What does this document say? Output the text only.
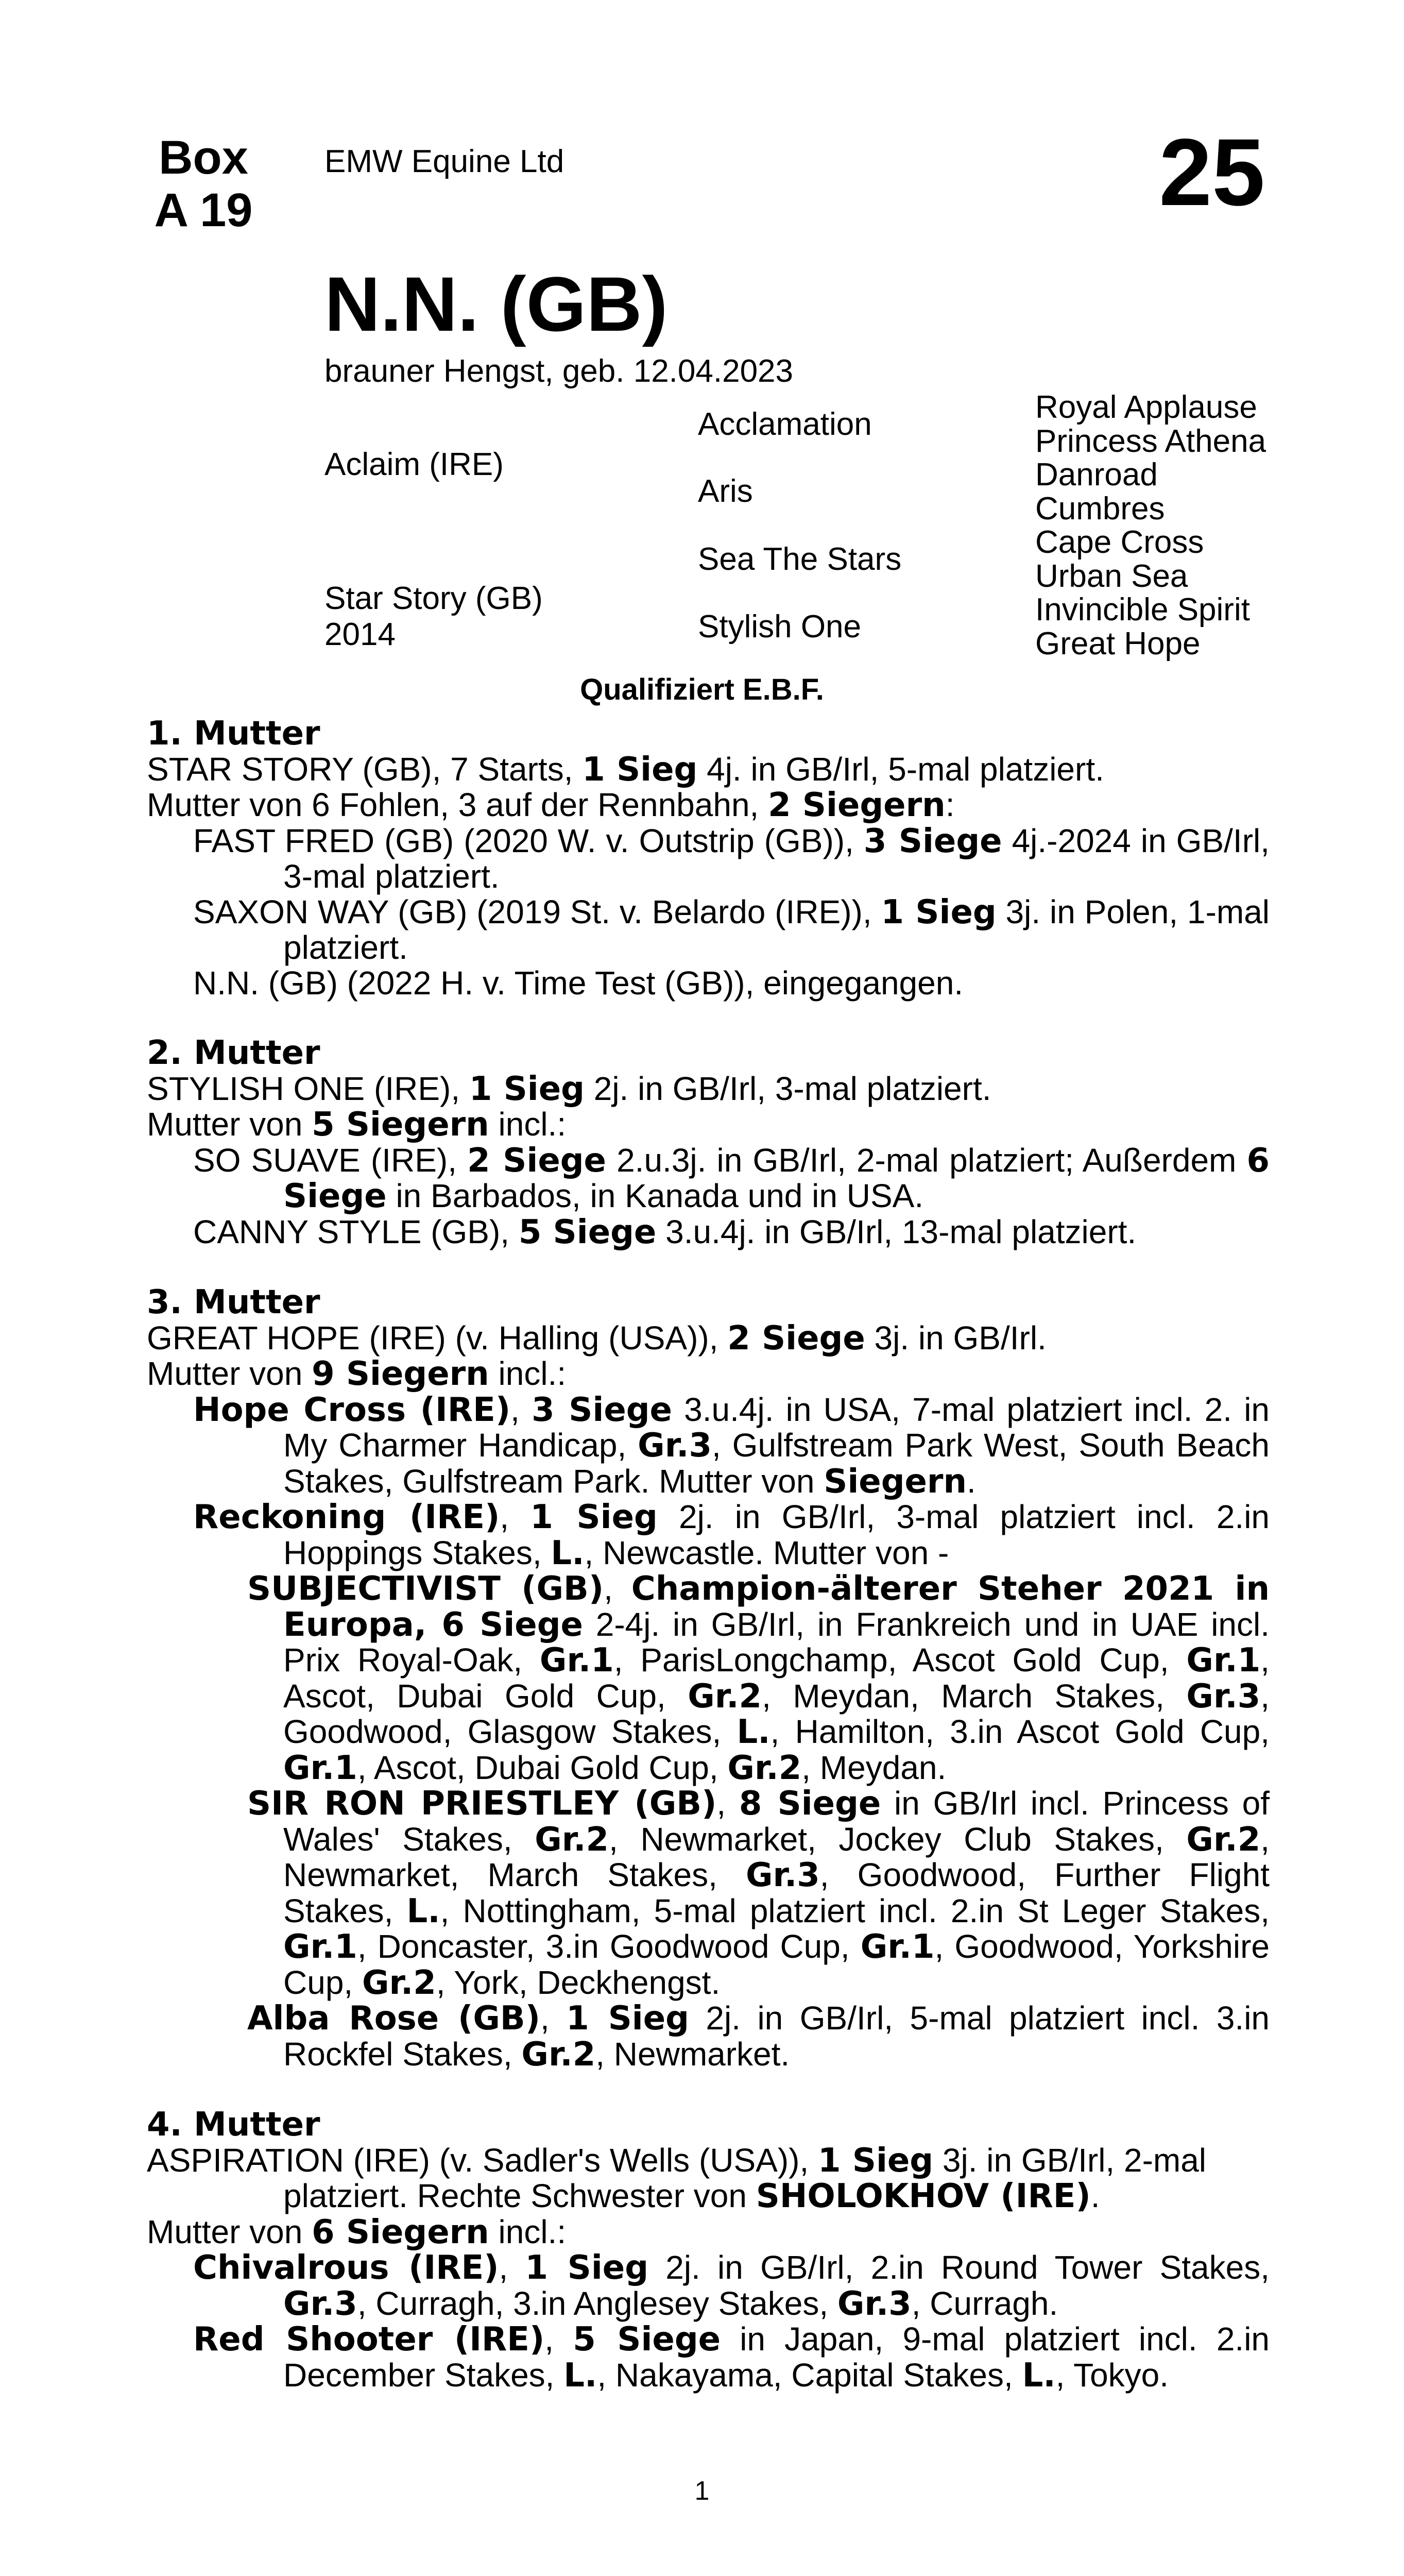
Box
A 19
EMW Equine Ltd	25
N.N. (GB)
brauner Hengst, geb. 12.04.2023
Aclaim (IRE)
Star Story (GB)
2014
Acclamation
Aris
Sea The Stars
Stylish One
Royal Applause
Princess Athena
Danroad
Cumbres
Cape Cross
Urban Sea
Invincible Spirit
Great Hope
Qualifiziert E.B.F.
1. Mutter
STAR STORY (GB), 7 Starts, 1 Sieg 4j. in GB/Irl, 5-mal platziert.
Mutter von 6 Fohlen, 3 auf der Rennbahn, 2 Siegern:
FAST FRED (GB) (2020 W. v. Outstrip (GB)), 3 Siege 4j.-2024 in GB/Irl, 3-mal platziert.
SAXON WAY (GB) (2019 St. v. Belardo (IRE)), 1 Sieg 3j. in Polen, 1-mal platziert.
N.N. (GB) (2022 H. v. Time Test (GB)), eingegangen.
2. Mutter
STYLISH ONE (IRE), 1 Sieg 2j. in GB/Irl, 3-mal platziert.
Mutter von 5 Siegern incl.:
SO SUAVE (IRE), 2 Siege 2.u.3j. in GB/Irl, 2-mal platziert; Außerdem 6 Siege in Barbados, in Kanada und in USA.
CANNY STYLE (GB), 5 Siege 3.u.4j. in GB/Irl, 13-mal platziert.
3. Mutter
GREAT HOPE (IRE) (v. Halling (USA)), 2 Siege 3j. in GB/Irl.
Mutter von 9 Siegern incl.:
Hope Cross (IRE), 3 Siege 3.u.4j. in USA, 7-mal platziert incl. 2. in My Charmer Handicap, Gr.3, Gulfstream Park West, South Beach Stakes, Gulfstream Park. Mutter von Siegern.
Reckoning (IRE), 1 Sieg 2j. in GB/Irl, 3-mal platziert incl. 2.in Hoppings Stakes, L., Newcastle. Mutter von -
SUBJECTIVIST (GB), Champion-älterer Steher 2021 in Europa, 6 Siege 2-4j. in GB/Irl, in Frankreich und in UAE incl. Prix Royal-Oak, Gr.1, ParisLongchamp, Ascot Gold Cup, Gr.1, Ascot, Dubai Gold Cup, Gr.2, Meydan, March Stakes, Gr.3, Goodwood, Glasgow Stakes, L., Hamilton, 3.in Ascot Gold Cup, Gr.1, Ascot, Dubai Gold Cup, Gr.2, Meydan.
SIR RON PRIESTLEY (GB), 8 Siege in GB/Irl incl. Princess of Wales' Stakes, Gr.2, Newmarket, Jockey Club Stakes, Gr.2, Newmarket, March Stakes, Gr.3, Goodwood, Further Flight Stakes, L., Nottingham, 5-mal platziert incl. 2.in St Leger Stakes, Gr.1, Doncaster, 3.in Goodwood Cup, Gr.1, Goodwood, Yorkshire Cup, Gr.2, York, Deckhengst.
Alba Rose (GB), 1 Sieg 2j. in GB/Irl, 5-mal platziert incl. 3.in Rockfel Stakes, Gr.2, Newmarket.
4. Mutter
ASPIRATION (IRE) (v. Sadler's Wells (USA)), 1 Sieg 3j. in GB/Irl, 2-mal platziert. Rechte Schwester von SHOLOKHOV (IRE).
Mutter von 6 Siegern incl.:
Chivalrous (IRE), 1 Sieg 2j. in GB/Irl, 2.in Round Tower Stakes, Gr.3, Curragh, 3.in Anglesey Stakes, Gr.3, Curragh.
Red Shooter (IRE), 5 Siege in Japan, 9-mal platziert incl. 2.in December Stakes, L., Nakayama, Capital Stakes, L., Tokyo.
1
